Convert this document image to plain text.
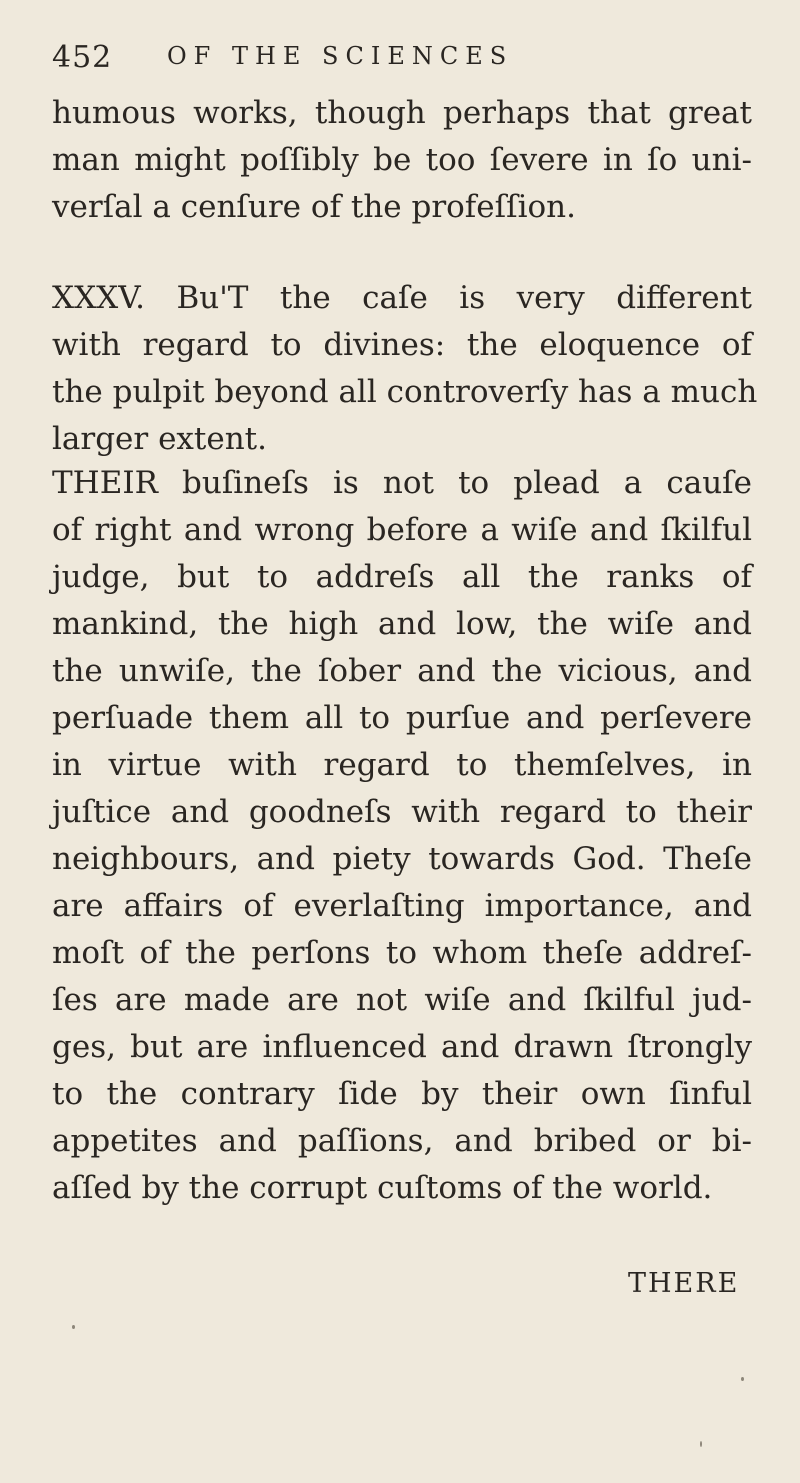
452 OF THE SCIENCES
humous works, though perhaps that great
man might poſſibly be too ſevere in ſo uni-
verſal a cenſure of the profeſſion.
XXXV. Bu'T the caſe is very different
with regard to divines: the eloquence of
the pulpit beyond all controverſy has a much
larger extent.
THEIR buſineſs is not to plead a cauſe
of right and wrong before a wiſe and ſkilful
judge, but to addreſs all the ranks of
mankind, the high and low, the wiſe and
the unwiſe, the ſober and the vicious, and
perſuade them all to purſue and perſevere
in virtue with regard to themſelves, in
juſtice and goodneſs with regard to their
neighbours, and piety towards God. Theſe
are affairs of everlaſting importance, and
moſt of the perſons to whom theſe addreſ-
ſes are made are not wiſe and ſkilful jud-
ges, but are influenced and drawn ſtrongly
to the contrary ſide by their own ſinful
appetites and paſſions, and bribed or bi-
aſſed by the corrupt cuſtoms of the world.
THERE
